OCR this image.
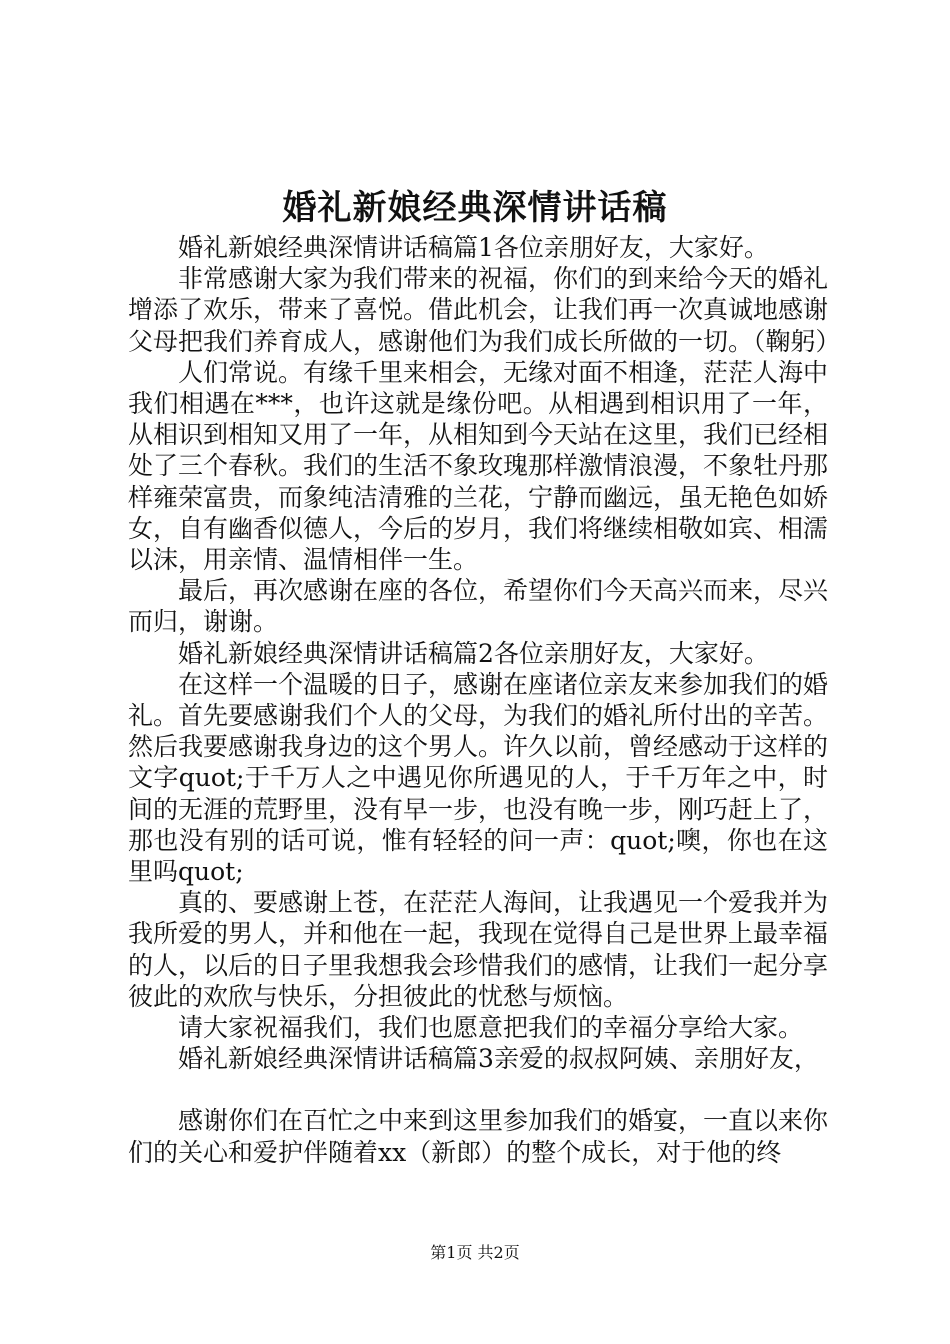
婚礼新娘经典深情讲话稿

婚礼新娘经典深情讲话稿篇1各位亲朋好友，大家好。

非常感谢大家为我们带来的祝福，你们的到来给今天的婚礼增添了欢乐，带来了喜悦。借此机会，让我们再一次真诚地感谢父母把我们养育成人，感谢他们为我们成长所做的一切。（鞠躬）

人们常说。有缘千里来相会，无缘对面不相逢，茫茫人海中我们相遇在***，也许这就是缘份吧。从相遇到相识用了一年，从相识到相知又用了一年，从相知到今天站在这里，我们已经相处了三个春秋。我们的生活不象玫瑰那样激情浪漫，不象牡丹那样雍荣富贵，而象纯洁清雅的兰花，宁静而幽远，虽无艳色如娇女，自有幽香似德人，今后的岁月，我们将继续相敬如宾、相濡以沫，用亲情、温情相伴一生。

最后，再次感谢在座的各位，希望你们今天高兴而来，尽兴而归，谢谢。

婚礼新娘经典深情讲话稿篇2各位亲朋好友，大家好。

在这样一个温暖的日子，感谢在座诸位亲友来参加我们的婚礼。首先要感谢我们个人的父母，为我们的婚礼所付出的辛苦。然后我要感谢我身边的这个男人。许久以前，曾经感动于这样的文字quot;于千万人之中遇见你所遇见的人，于千万年之中，时间的无涯的荒野里，没有早一步，也没有晚一步，刚巧赶上了，那也没有别的话可说，惟有轻轻的问一声：quot;噢，你也在这里吗quot;

真的、要感谢上苍，在茫茫人海间，让我遇见一个爱我并为我所爱的男人，并和他在一起，我现在觉得自己是世界上最幸福的人，以后的日子里我想我会珍惜我们的感情，让我们一起分享彼此的欢欣与快乐，分担彼此的忧愁与烦恼。

请大家祝福我们，我们也愿意把我们的幸福分享给大家。

婚礼新娘经典深情讲话稿篇3亲爱的叔叔阿姨、亲朋好友，

感谢你们在百忙之中来到这里参加我们的婚宴，一直以来你们的关心和爱护伴随着xx（新郎）的整个成长，对于他的终

第1页 共2页
